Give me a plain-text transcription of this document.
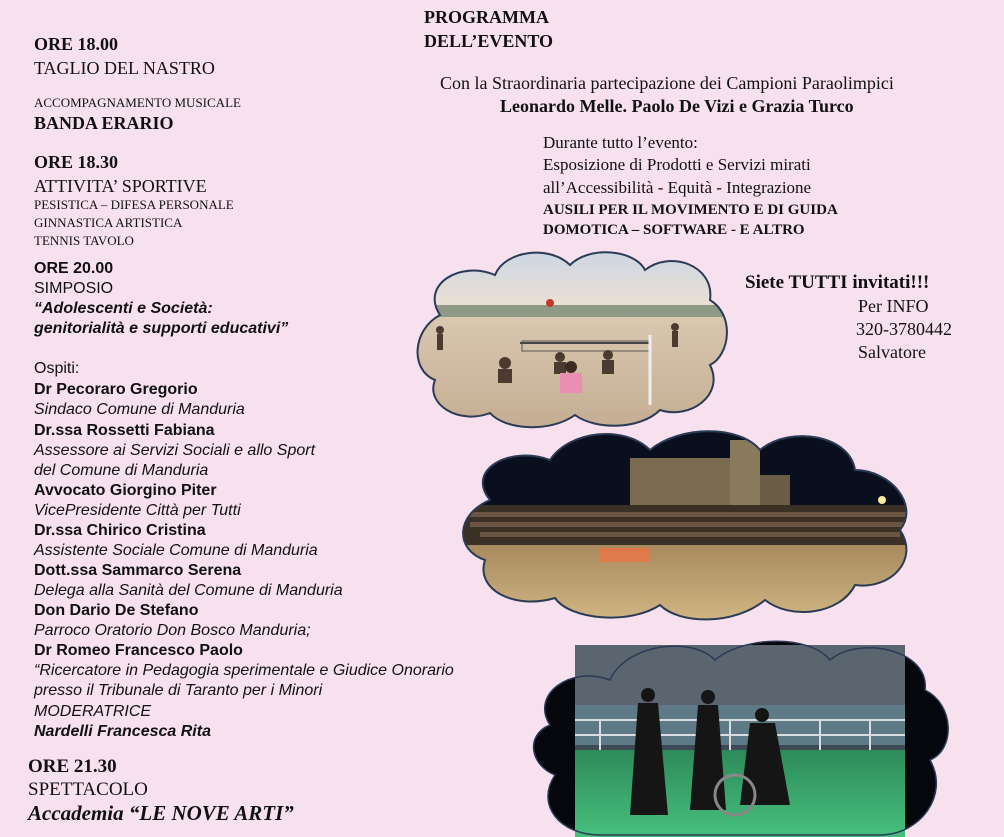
PROGRAMMA
DELL’EVENTO
Con la Straordinaria partecipazione dei Campioni Paraolimpici
Leonardo Melle. Paolo De Vizi e Grazia Turco
Durante tutto l’evento:
Esposizione di Prodotti e Servizi mirati
all’Accessibilità - Equità - Integrazione
AUSILI PER IL MOVIMENTO E DI GUIDA
DOMOTICA – SOFTWARE - E ALTRO
Siete TUTTI invitati!!!
Per INFO
320-3780442
Salvatore
ORE 18.00
TAGLIO DEL NASTRO
ACCOMPAGNAMENTO MUSICALE
BANDA ERARIO
ORE 18.30
ATTIVITA’ SPORTIVE
PESISTICA – DIFESA PERSONALE
GINNASTICA ARTISTICA
TENNIS TAVOLO
ORE 20.00
SIMPOSIO
“Adolescenti e Società:
genitorialità e supporti educativi”
Ospiti:
Dr Pecoraro Gregorio
Sindaco Comune di Manduria
Dr.ssa Rossetti Fabiana
Assessore ai Servizi Sociali e allo Sport
del Comune di Manduria
Avvocato Giorgino Piter
VicePresidente Città per Tutti
Dr.ssa Chirico Cristina
Assistente Sociale Comune di Manduria
Dott.ssa Sammarco Serena
Delega alla Sanità del Comune di Manduria
Don Dario De Stefano
Parroco Oratorio Don Bosco Manduria;
Dr Romeo Francesco Paolo
“Ricercatore in Pedagogia sperimentale e Giudice Onorario
presso il Tribunale di Taranto per i Minori
MODERATRICE
Nardelli Francesca Rita
ORE 21.30
SPETTACOLO
Accademia “LE NOVE ARTI”
